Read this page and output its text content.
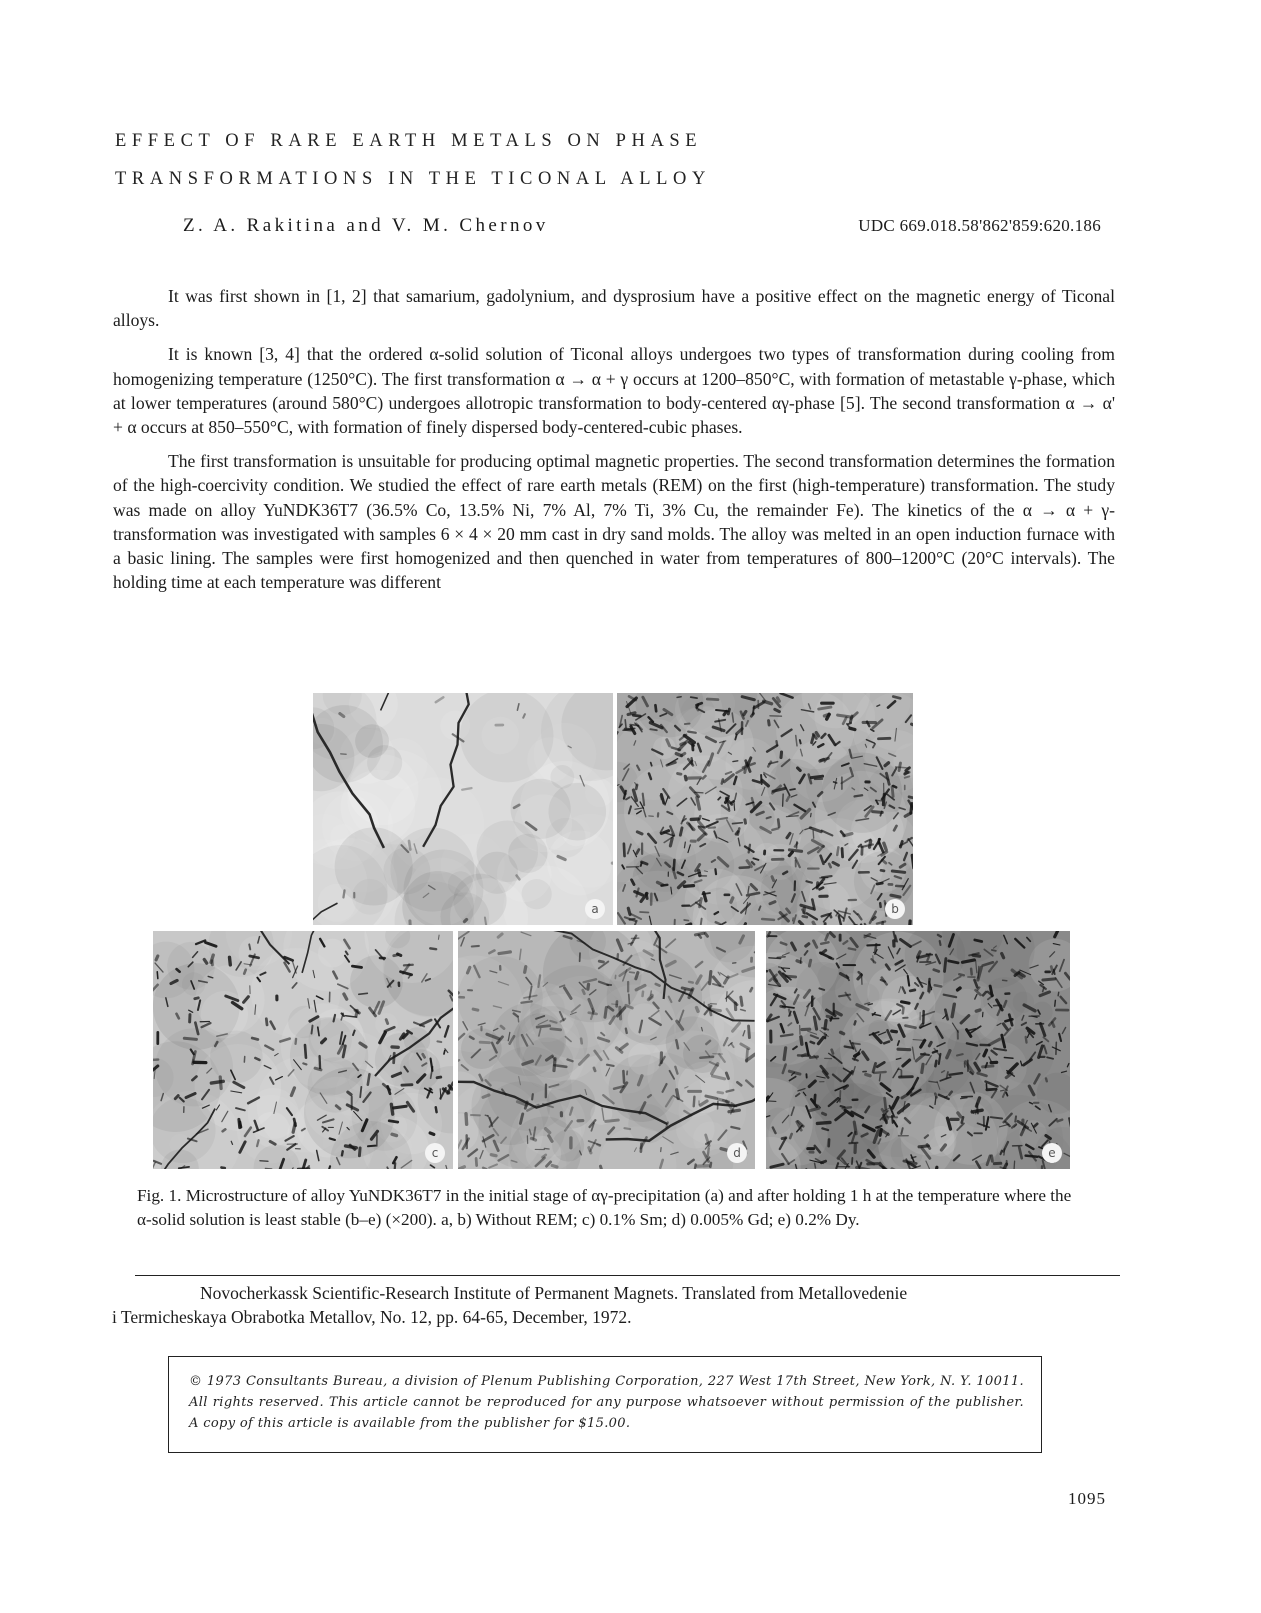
EFFECT OF RARE EARTH METALS ON PHASE
TRANSFORMATIONS IN THE TICONAL ALLOY
Z. A. Rakitina and V. M. Chernov	UDC 669.018.58'862'859:620.186

It was first shown in [1, 2] that samarium, gadolynium, and dysprosium have a positive effect on the magnetic energy of Ticonal alloys.

It is known [3, 4] that the ordered α-solid solution of Ticonal alloys undergoes two types of transformation during cooling from homogenizing temperature (1250°C). The first transformation α → α + γ occurs at 1200–850°C, with formation of metastable γ-phase, which at lower temperatures (around 580°C) undergoes allotropic transformation to body-centered αγ-phase [5]. The second transformation α → α' + α occurs at 850–550°C, with formation of finely dispersed body-centered-cubic phases.

The first transformation is unsuitable for producing optimal magnetic properties. The second transformation determines the formation of the high-coercivity condition. We studied the effect of rare earth metals (REM) on the first (high-temperature) transformation. The study was made on alloy YuNDK36T7 (36.5% Co, 13.5% Ni, 7% Al, 7% Ti, 3% Cu, the remainder Fe). The kinetics of the α → α + γ-transformation was investigated with samples 6 × 4 × 20 mm cast in dry sand molds. The alloy was melted in an open induction furnace with a basic lining. The samples were first homogenized and then quenched in water from temperatures of 800–1200°C (20°C intervals). The holding time at each temperature was different

a	b
c	d	e
Fig. 1. Microstructure of alloy YuNDK36T7 in the initial stage of αγ-precipitation (a) and after holding 1 h at the temperature where the α-solid solution is least stable (b–e) (×200). a, b) Without REM; c) 0.1% Sm; d) 0.005% Gd; e) 0.2% Dy.
Novocherkassk Scientific-Research Institute of Permanent Magnets. Translated from Metallovedenie
i Termicheskaya Obrabotka Metallov, No. 12, pp. 64-65, December, 1972.
© 1973 Consultants Bureau, a division of Plenum Publishing Corporation, 227 West 17th Street, New York, N. Y. 10011. All rights reserved. This article cannot be reproduced for any purpose whatsoever without permission of the publisher. A copy of this article is available from the publisher for $15.00.
1095
